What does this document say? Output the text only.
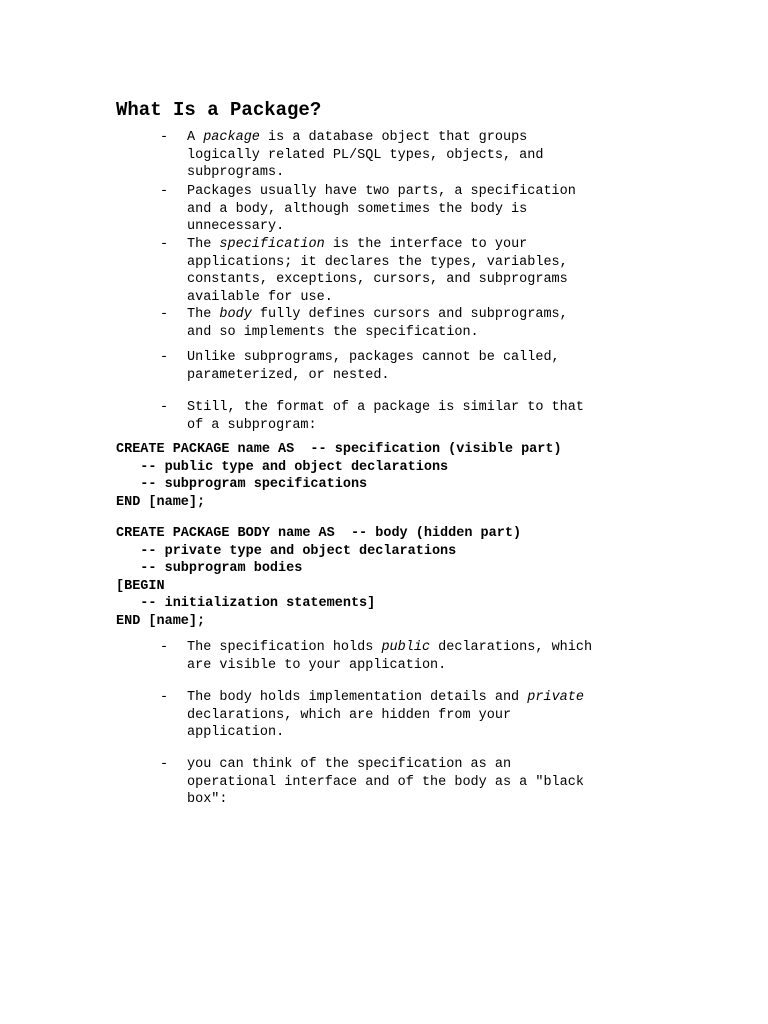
What Is a Package?
- A package is a database object that groups
logically related PL/SQL types, objects, and
subprograms.
- Packages usually have two parts, a specification
and a body, although sometimes the body is
unnecessary.
- The specification is the interface to your
applications; it declares the types, variables,
constants, exceptions, cursors, and subprograms
available for use.
- The body fully defines cursors and subprograms,
and so implements the specification.
- Unlike subprograms, packages cannot be called,
parameterized, or nested.
- Still, the format of a package is similar to that
of a subprogram:
CREATE PACKAGE name AS  -- specification (visible part)
-- public type and object declarations
-- subprogram specifications
END [name];
CREATE PACKAGE BODY name AS  -- body (hidden part)
-- private type and object declarations
-- subprogram bodies
[BEGIN
-- initialization statements]
END [name];
- The specification holds public declarations, which
are visible to your application.
- The body holds implementation details and private
declarations, which are hidden from your
application.
- you can think of the specification as an
operational interface and of the body as a "black
box":
